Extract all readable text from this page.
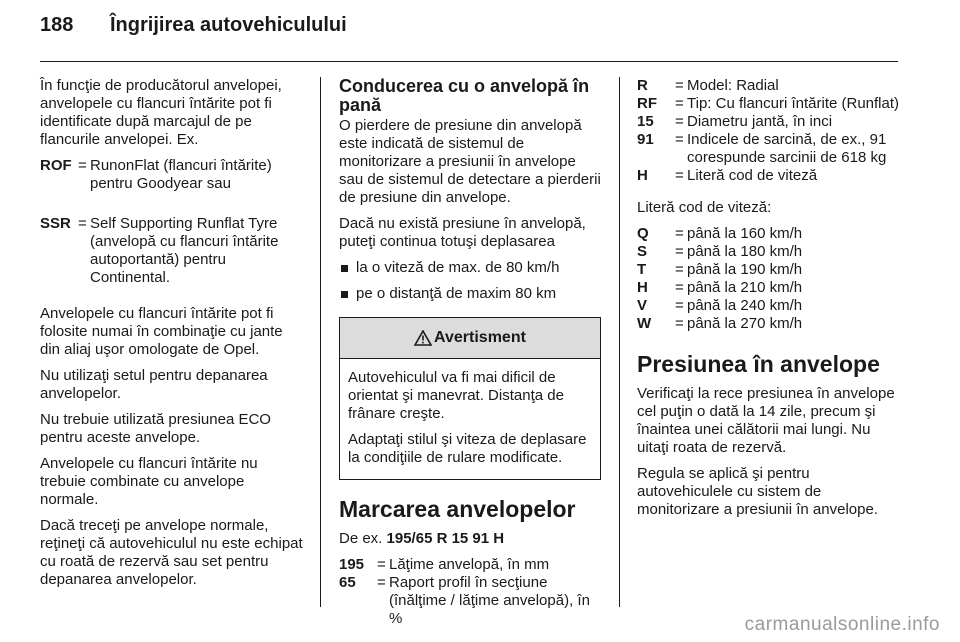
188	Îngrijirea autovehiculului

În funcţie de producătorul anvelopei, anvelopele cu flancuri întărite pot fi identificate după marcajul de pe flancurile anvelopei. Ex.

ROF = RunonFlat (flancuri întărite) pentru Goodyear sau
SSR = Self Supporting Runflat Tyre (anvelopă cu flancuri întărite autoportantă) pentru Continental.

Anvelopele cu flancuri întărite pot fi folosite numai în combinaţie cu jante din aliaj uşor omologate de Opel.

Nu utilizaţi setul pentru depanarea anvelopelor.

Nu trebuie utilizată presiunea ECO pentru aceste anvelope.

Anvelopele cu flancuri întărite nu trebuie combinate cu anvelope normale.

Dacă treceţi pe anvelope normale, reţineţi că autovehiculul nu este echipat cu roată de rezervă sau set pentru depanarea anvelopelor.

Conducerea cu o anvelopă în pană

O pierdere de presiune din anvelopă este indicată de sistemul de monitorizare a presiunii în anvelope sau de sistemul de detectare a pierderii de presiune din anvelope.

Dacă nu există presiune în anvelopă, puteţi continua totuşi deplasarea

la o viteză de max. de 80 km/h
pe o distanţă de maxim 80 km
Avertisment

Autovehiculul va fi mai dificil de orientat şi manevrat. Distanţa de frânare creşte.

Adaptaţi stilul şi viteza de deplasare la condiţiile de rulare modificate.

Marcarea anvelopelor

De ex. 195/65 R 15 91 H

195 = Lăţime anvelopă, în mm
65	= Raport profil în secţiune (înălţime / lăţime anvelopă), în %
R	= Model: Radial
RF	= Tip: Cu flancuri întărite (Runflat)
15	= Diametru jantă, în inci
91	= Indicele de sarcină, de ex., 91 corespunde sarcinii de 618 kg
H	= Literă cod de viteză

Literă cod de viteză:

Q	= până la 160 km/h
S	= până la 180 km/h
T	= până la 190 km/h
H	= până la 210 km/h
V	= până la 240 km/h
W	= până la 270 km/h
Presiunea în anvelope

Verificaţi la rece presiunea în anvelope cel puţin o dată la 14 zile, precum şi înaintea unei călătorii mai lungi. Nu uitaţi roata de rezervă.

Regula se aplică şi pentru autovehiculele cu sistem de monitorizare a presiunii în anvelope.

carmanualsonline.info
